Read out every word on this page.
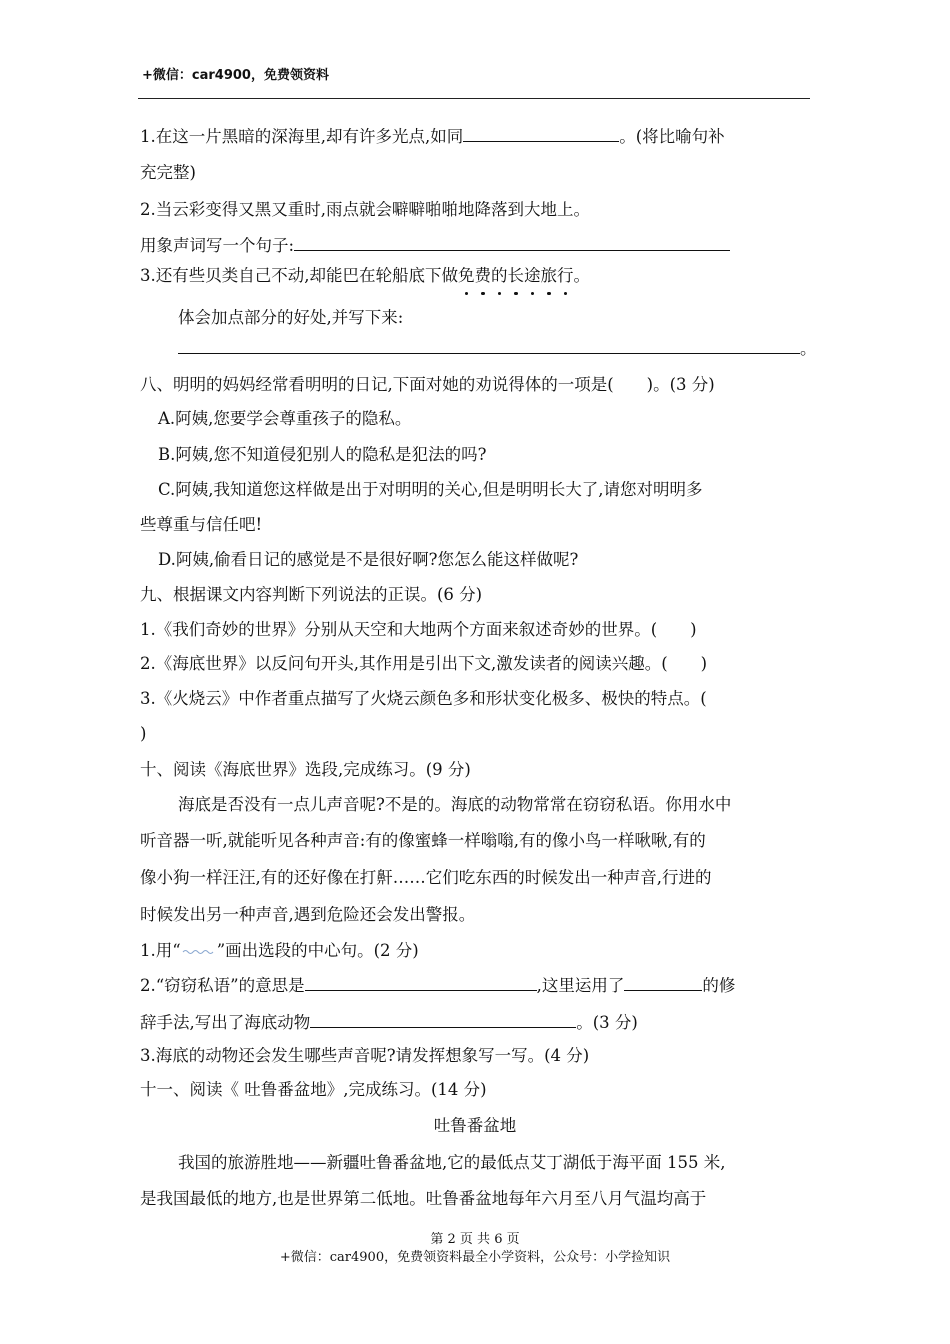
+微信：car4900，免费领资料
1.在这一片黑暗的深海里,却有许多光点,如同	。(将比喻句补
充完整)
2.当云彩变得又黑又重时,雨点就会噼噼啪啪地降落到大地上。
用象声词写一个句子:
3.还有些贝类自己不动,却能巴在轮船底下做免费的长途旅行。
体会加点部分的好处,并写下来:
。
八、明明的妈妈经常看明明的日记,下面对她的劝说得体的一项是(　　)。(3 分)
A.阿姨,您要学会尊重孩子的隐私。
B.阿姨,您不知道侵犯别人的隐私是犯法的吗?
C.阿姨,我知道您这样做是出于对明明的关心,但是明明长大了,请您对明明多
些尊重与信任吧!
D.阿姨,偷看日记的感觉是不是很好啊?您怎么能这样做呢?
九、根据课文内容判断下列说法的正误。(6 分)
1.《我们奇妙的世界》分别从天空和大地两个方面来叙述奇妙的世界。(　　)
2.《海底世界》以反问句开头,其作用是引出下文,激发读者的阅读兴趣。(　　)
3.《火烧云》中作者重点描写了火烧云颜色多和形状变化极多、极快的特点。(
)
十、阅读《海底世界》选段,完成练习。(9 分)
海底是否没有一点儿声音呢?不是的。海底的动物常常在窃窃私语。你用水中
听音器一听,就能听见各种声音:有的像蜜蜂一样嗡嗡,有的像小鸟一样啾啾,有的
像小狗一样汪汪,有的还好像在打鼾……它们吃东西的时候发出一种声音,行进的
时候发出另一种声音,遇到危险还会发出警报。
1.用“ ”画出选段的中心句。(2 分)
2.“窃窃私语”的意思是	,这里运用了	的修
辞手法,写出了海底动物	。(3 分)
3.海底的动物还会发生哪些声音呢?请发挥想象写一写。(4 分)
十一、阅读《 吐鲁番盆地》,完成练习。(14 分)
吐鲁番盆地
我国的旅游胜地——新疆吐鲁番盆地,它的最低点艾丁湖低于海平面 155 米,
是我国最低的地方,也是世界第二低地。吐鲁番盆地每年六月至八月气温均高于
第 2 页 共 6 页
+微信：car4900，免费领资料最全小学资料，公众号：小学捡知识
